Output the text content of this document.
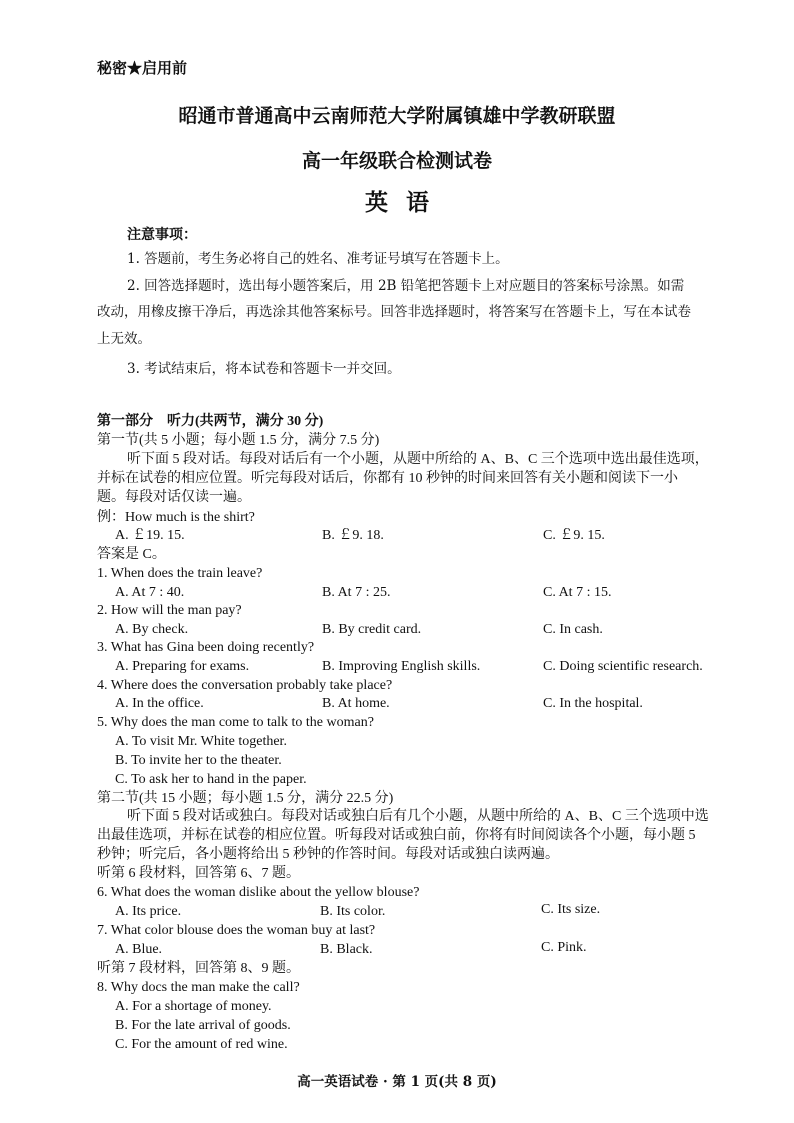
秘密★启用前
昭通市普通高中云南师范大学附属镇雄中学教研联盟
高一年级联合检测试卷
英语
注意事项：
1. 答题前，考生务必将自己的姓名、准考证号填写在答题卡上。
2. 回答选择题时，选出每小题答案后，用 2B 铅笔把答题卡上对应题目的答案标号涂黑。如需
改动，用橡皮擦干净后，再选涂其他答案标号。回答非选择题时，将答案写在答题卡上，写在本试卷
上无效。
3. 考试结束后，将本试卷和答题卡一并交回。
第一部分　听力(共两节，满分 30 分)
第一节(共 5 小题；每小题 1.5 分，满分 7.5 分)
听下面 5 段对话。每段对话后有一个小题，从题中所给的 A、B、C 三个选项中选出最佳选项，
并标在试卷的相应位置。听完每段对话后，你都有 10 秒钟的时间来回答有关小题和阅读下一小
题。每段对话仅读一遍。
例：How much is the shirt?
A. ￡19. 15.	B. ￡9. 18.	C. ￡9. 15.
答案是 C。
1. When does the train leave?
A. At 7 : 40.	B. At 7 : 25.	C. At 7 : 15.
2. How will the man pay?
A. By check.	B. By credit card.	C. In cash.
3. What has Gina been doing recently?
A. Preparing for exams.	B. Improving English skills.	C. Doing scientific research.
4. Where does the conversation probably take place?
A. In the office.	B. At home.	C. In the hospital.
5. Why does the man come to talk to the woman?
A. To visit Mr. White together.
B. To invite her to the theater.
C. To ask her to hand in the paper.
第二节(共 15 小题；每小题 1.5 分，满分 22.5 分)
听下面 5 段对话或独白。每段对话或独白后有几个小题，从题中所给的 A、B、C 三个选项中选
出最佳选项，并标在试卷的相应位置。听每段对话或独白前，你将有时间阅读各个小题，每小题 5
秒钟；听完后，各小题将给出 5 秒钟的作答时间。每段对话或独白读两遍。
听第 6 段材料，回答第 6、7 题。
6. What does the woman dislike about the yellow blouse?
A. Its price.	B. Its color.	C. Its size.
7. What color blouse does the woman buy at last?
A. Blue.	B. Black.	C. Pink.
听第 7 段材料，回答第 8、9 题。
8. Why docs the man make the call?
A. For a shortage of money.
B. For the late arrival of goods.
C. For the amount of red wine.
高一英语试卷 · 第 1 页(共 8 页)
